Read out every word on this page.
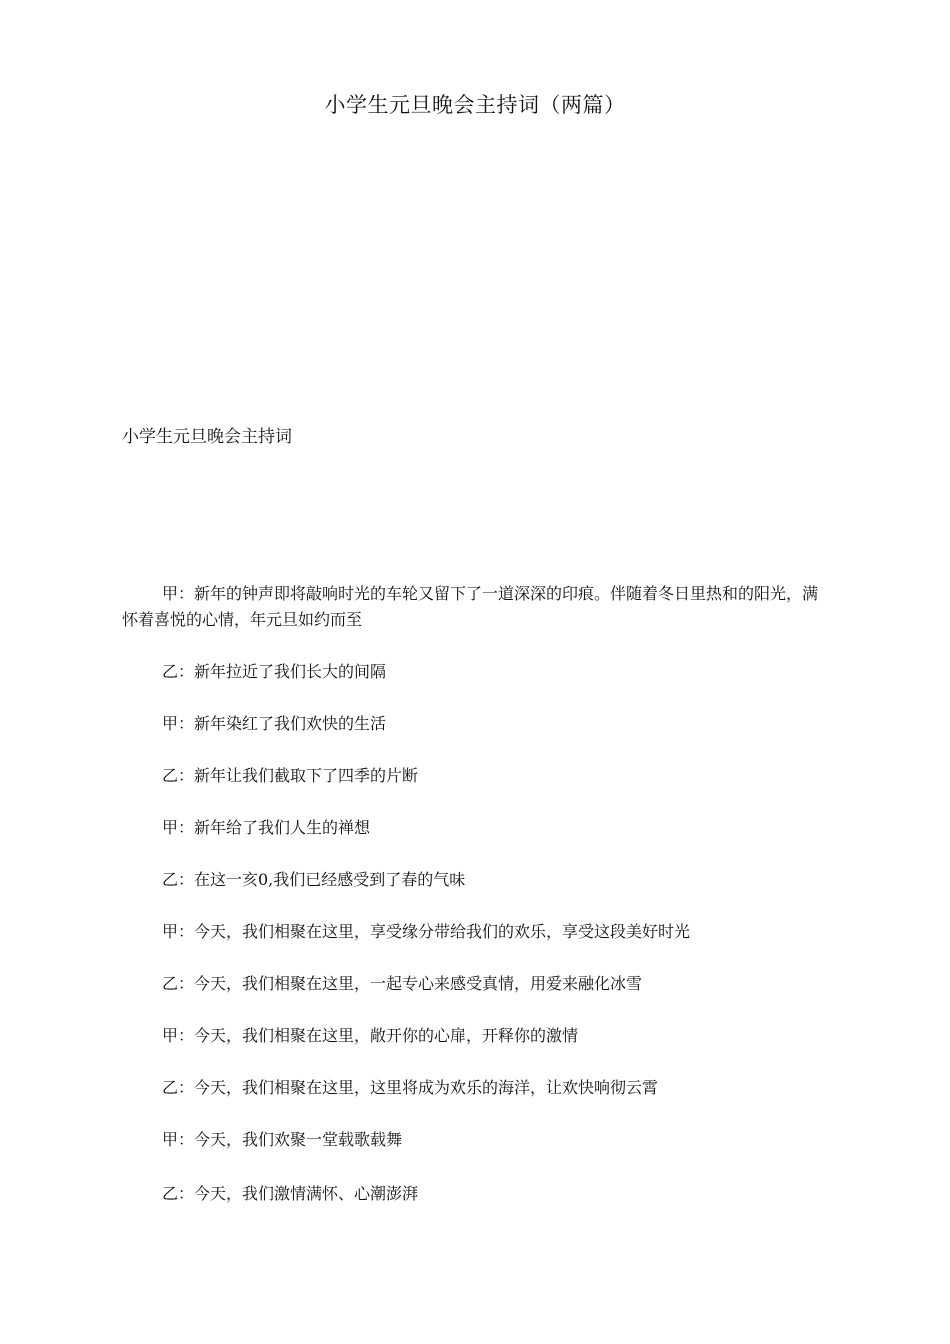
小学生元旦晚会主持词（两篇）
小学生元旦晚会主持词

甲：新年的钟声即将敲响时光的车轮又留下了一道深深的印痕。伴随着冬日里热和的阳光，满怀着喜悦的心情，年元旦如约而至

乙：新年拉近了我们长大的间隔

甲：新年染红了我们欢快的生活

乙：新年让我们截取下了四季的片断

甲：新年给了我们人生的禅想

乙：在这一亥0,我们已经感受到了春的气味

甲：今天，我们相聚在这里，享受缘分带给我们的欢乐，享受这段美好时光

乙：今天，我们相聚在这里，一起专心来感受真情，用爱来融化冰雪

甲：今天，我们相聚在这里，敞开你的心扉，开释你的激情

乙：今天，我们相聚在这里，这里将成为欢乐的海洋，让欢快响彻云霄

甲：今天，我们欢聚一堂载歌载舞

乙：今天，我们激情满怀、心潮澎湃
